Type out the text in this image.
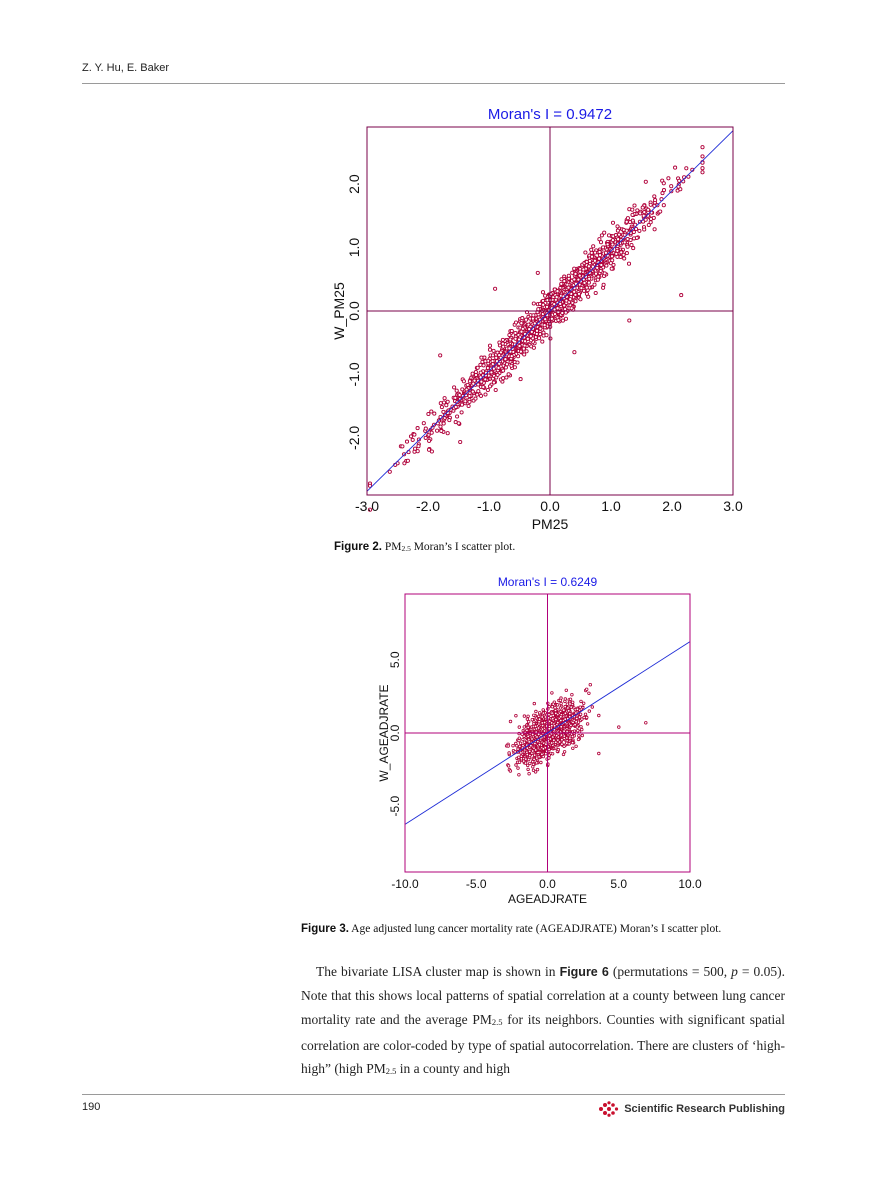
Z. Y. Hu, E. Baker
Moran's I = 0.9472
-3.0	-2.0	-1.0	0.0	1.0	2.0	3.0
-2.0
-1.0
0.0
1.0
2.0
PM25
W_PM25
Figure 2. $PM_{2.5}$ Moran’s I scatter plot.
Moran's I = 0.6249
-10.0	-5.0	0.0	5.0	10.0
-5.0
0.0
5.0
AGEADJRATE
W_AGEADJRATE
Figure 3. Age adjusted lung cancer mortality rate (AGEADJRATE) Moran’s I scatter plot.

The bivariate LISA cluster map is shown in Figure 6 (permutations = 500, p = 0.05). Note that this shows local patterns of spatial correlation at a county between lung cancer mortality rate and the average $PM_{2.5}$ for its neighbors. Counties with significant spatial correlation are color-coded by type of spatial autocorrelation. There are clusters of ‘high-high” (high $PM_{2.5}$ in a county and high

190	Scientific Research Publishing
